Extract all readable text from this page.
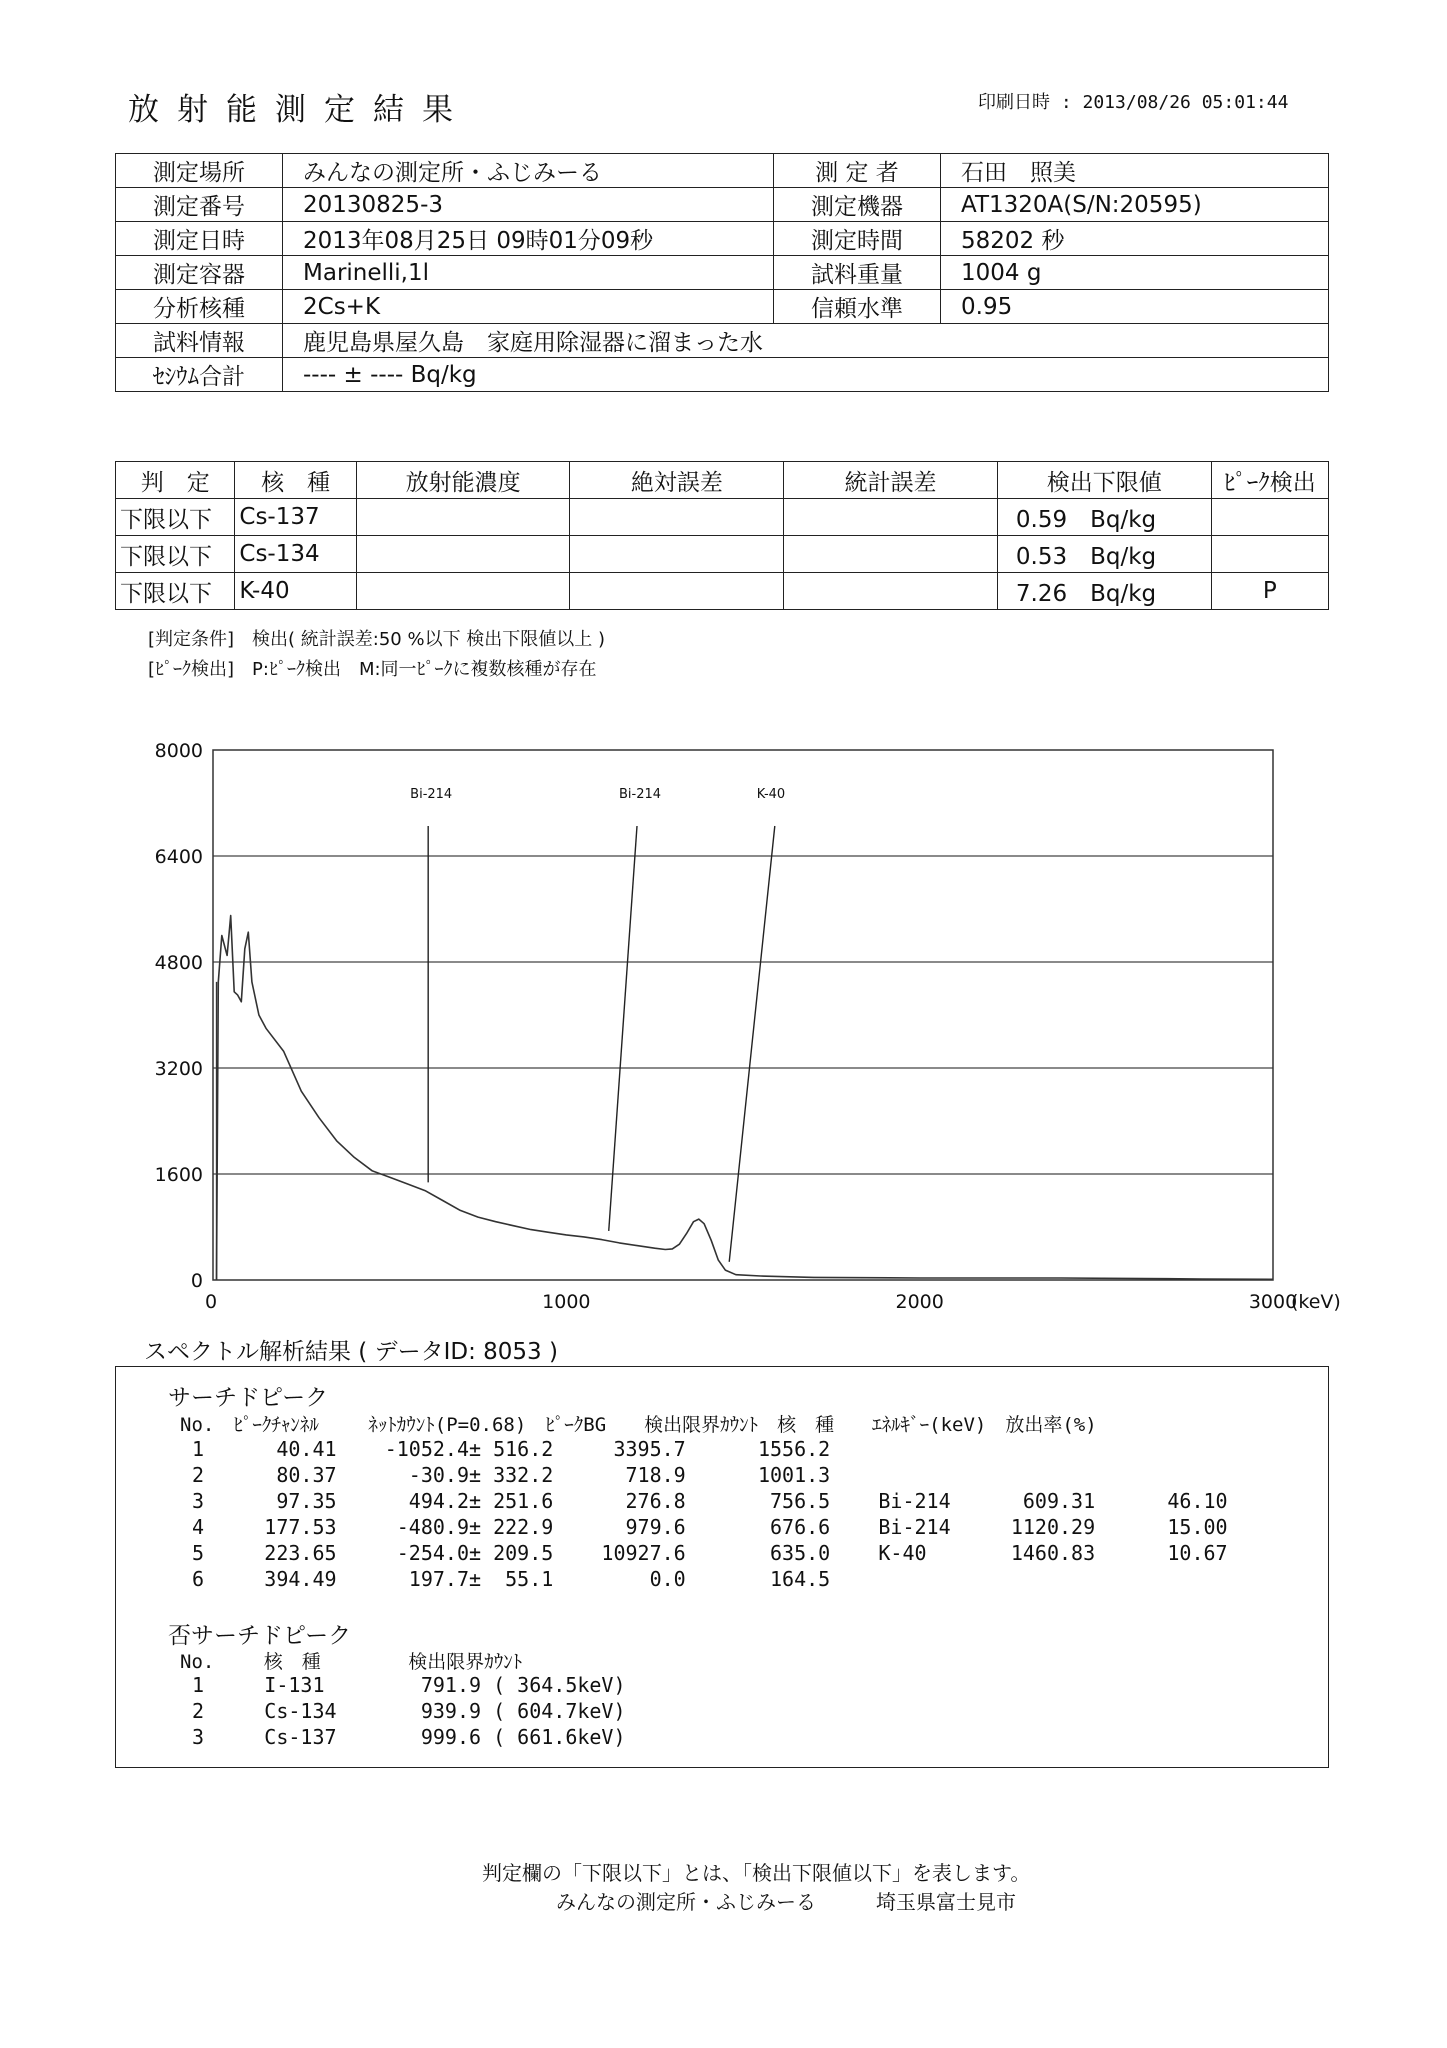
放射能測定結果	印刷日時 : 2013/08/26 05:01:44
測定場所	みんなの測定所・ふじみーる	測 定 者	石田　照美
測定番号	20130825-3	測定機器	AT1320A(S/N:20595)
測定日時	2013年08月25日 09時01分09秒	測定時間	58202 秒
測定容器	Marinelli,1l	試料重量	1004 g
分析核種	2Cs+K	信頼水準	0.95
試料情報	鹿児島県屋久島　家庭用除湿器に溜まった水		
ｾｼｳﾑ合計	---- ± ---- Bq/kg		
判　定	核　種	放射能濃度	絶対誤差	統計誤差	検出下限値	ﾋﾟｰｸ検出
下限以下	Cs-137				0.59　Bq/kg	
下限以下	Cs-134				0.53　Bq/kg	
下限以下	K-40				7.26　Bq/kg	P
[判定条件]　検出( 統計誤差:50 %以下 検出下限値以上 )
[ﾋﾟｰｸ検出]　P:ﾋﾟｰｸ検出　M:同一ﾋﾟｰｸに複数核種が存在
0
1600
3200
4800
6400
8000
0	1000	2000	3000
(keV)
Bi-214	Bi-214	K-40
スペクトル解析結果 ( データID: 8053 )
サーチドピーク
No.　ﾋﾟｰｸﾁｬﾝﾈﾙ　 　ﾈｯﾄｶｳﾝﾄ(P=0.68)　ﾋﾟｰｸBG　　検出限界ｶｳﾝﾄ　核　種　　ｴﾈﾙｷﾞｰ(keV)　放出率(%)
1      40.41    -1052.4± 516.2     3395.7      1556.2
2      80.37      -30.9± 332.2      718.9      1001.3
3      97.35      494.2± 251.6      276.8       756.5    Bi-214      609.31      46.10
4     177.53     -480.9± 222.9      979.6       676.6    Bi-214     1120.29      15.00
5     223.65     -254.0± 209.5    10927.6       635.0    K-40       1460.83      10.67
6     394.49      197.7±  55.1        0.0       164.5
否サーチドピーク
No.　　 核　種　　　　 検出限界ｶｳﾝﾄ
1     I-131        791.9 ( 364.5keV)
2     Cs-134       939.9 ( 604.7keV)
3     Cs-137       999.6 ( 661.6keV)
判定欄の「下限以下」とは、「検出下限値以下」を表します。
みんなの測定所・ふじみーる　　　埼玉県富士見市
